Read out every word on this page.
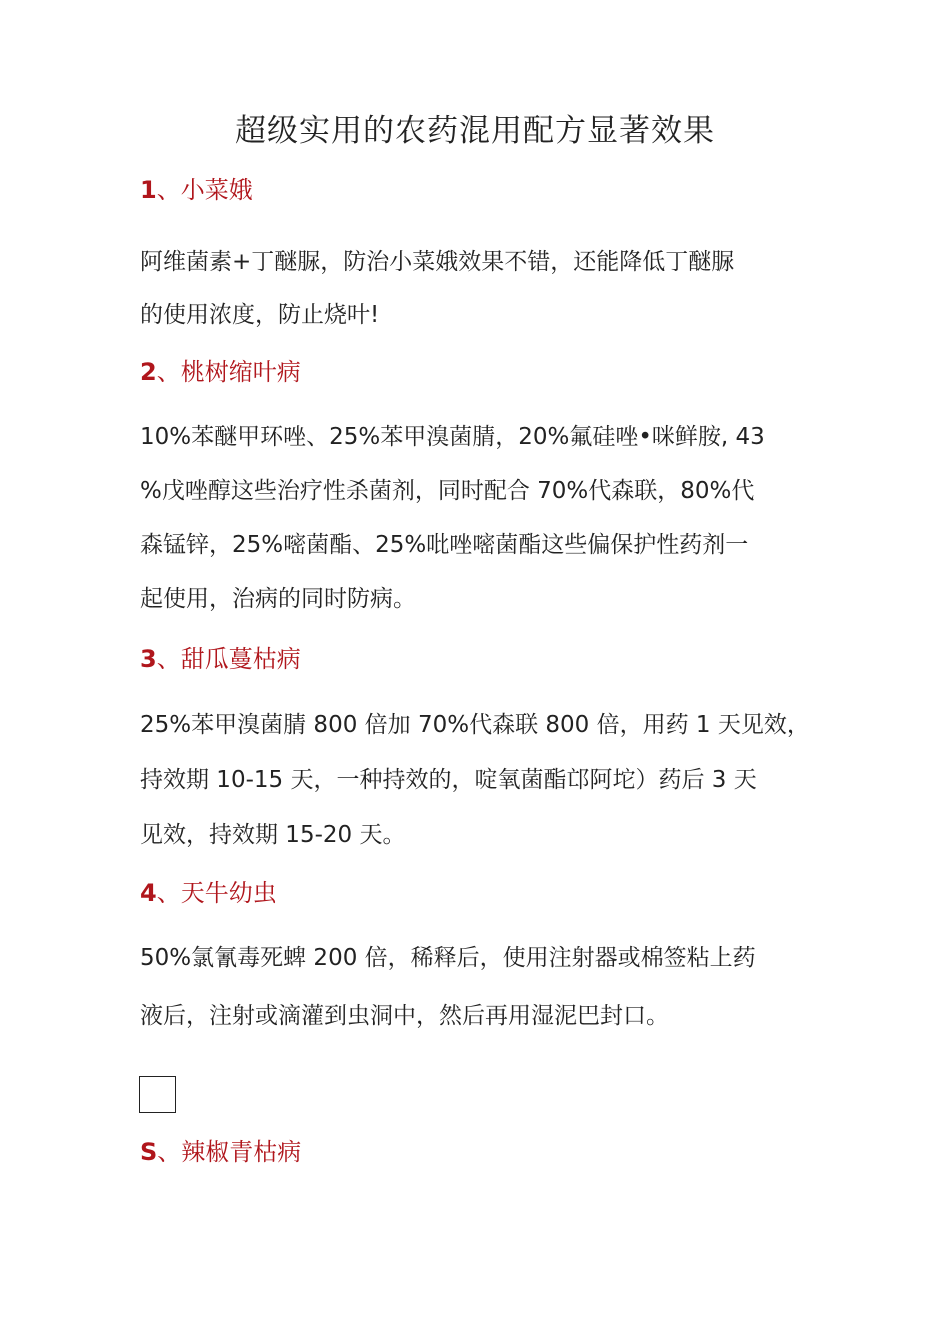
超级实用的农药混用配方显著效果
1、小菜娥
阿维菌素+丁醚脲，防治小菜娥效果不错，还能降低丁醚脲
的使用浓度，防止烧叶!
2、桃树缩叶病
10%苯醚甲环唑、25%苯甲溴菌腈，20%氟硅唑•咪鲜胺, 43
%戊唑醇这些治疗性杀菌剂，同时配合 70%代森联，80%代
森锰锌，25%嘧菌酯、25%吡唑嘧菌酯这些偏保护性药剂一
起使用，治病的同时防病。
3、甜瓜蔓枯病
25%苯甲溴菌腈 800 倍加 70%代森联 800 倍，用药 1 天见效，
持效期 10-15 天，一种持效的，啶氧菌酯邙阿坨）药后 3 天
见效，持效期 15-20 天。
4、天牛幼虫
50%氯氰毒死蜱 200 倍，稀释后，使用注射器或棉签粘上药
液后，注射或滴灌到虫洞中，然后再用湿泥巴封口。
S、辣椒青枯病
